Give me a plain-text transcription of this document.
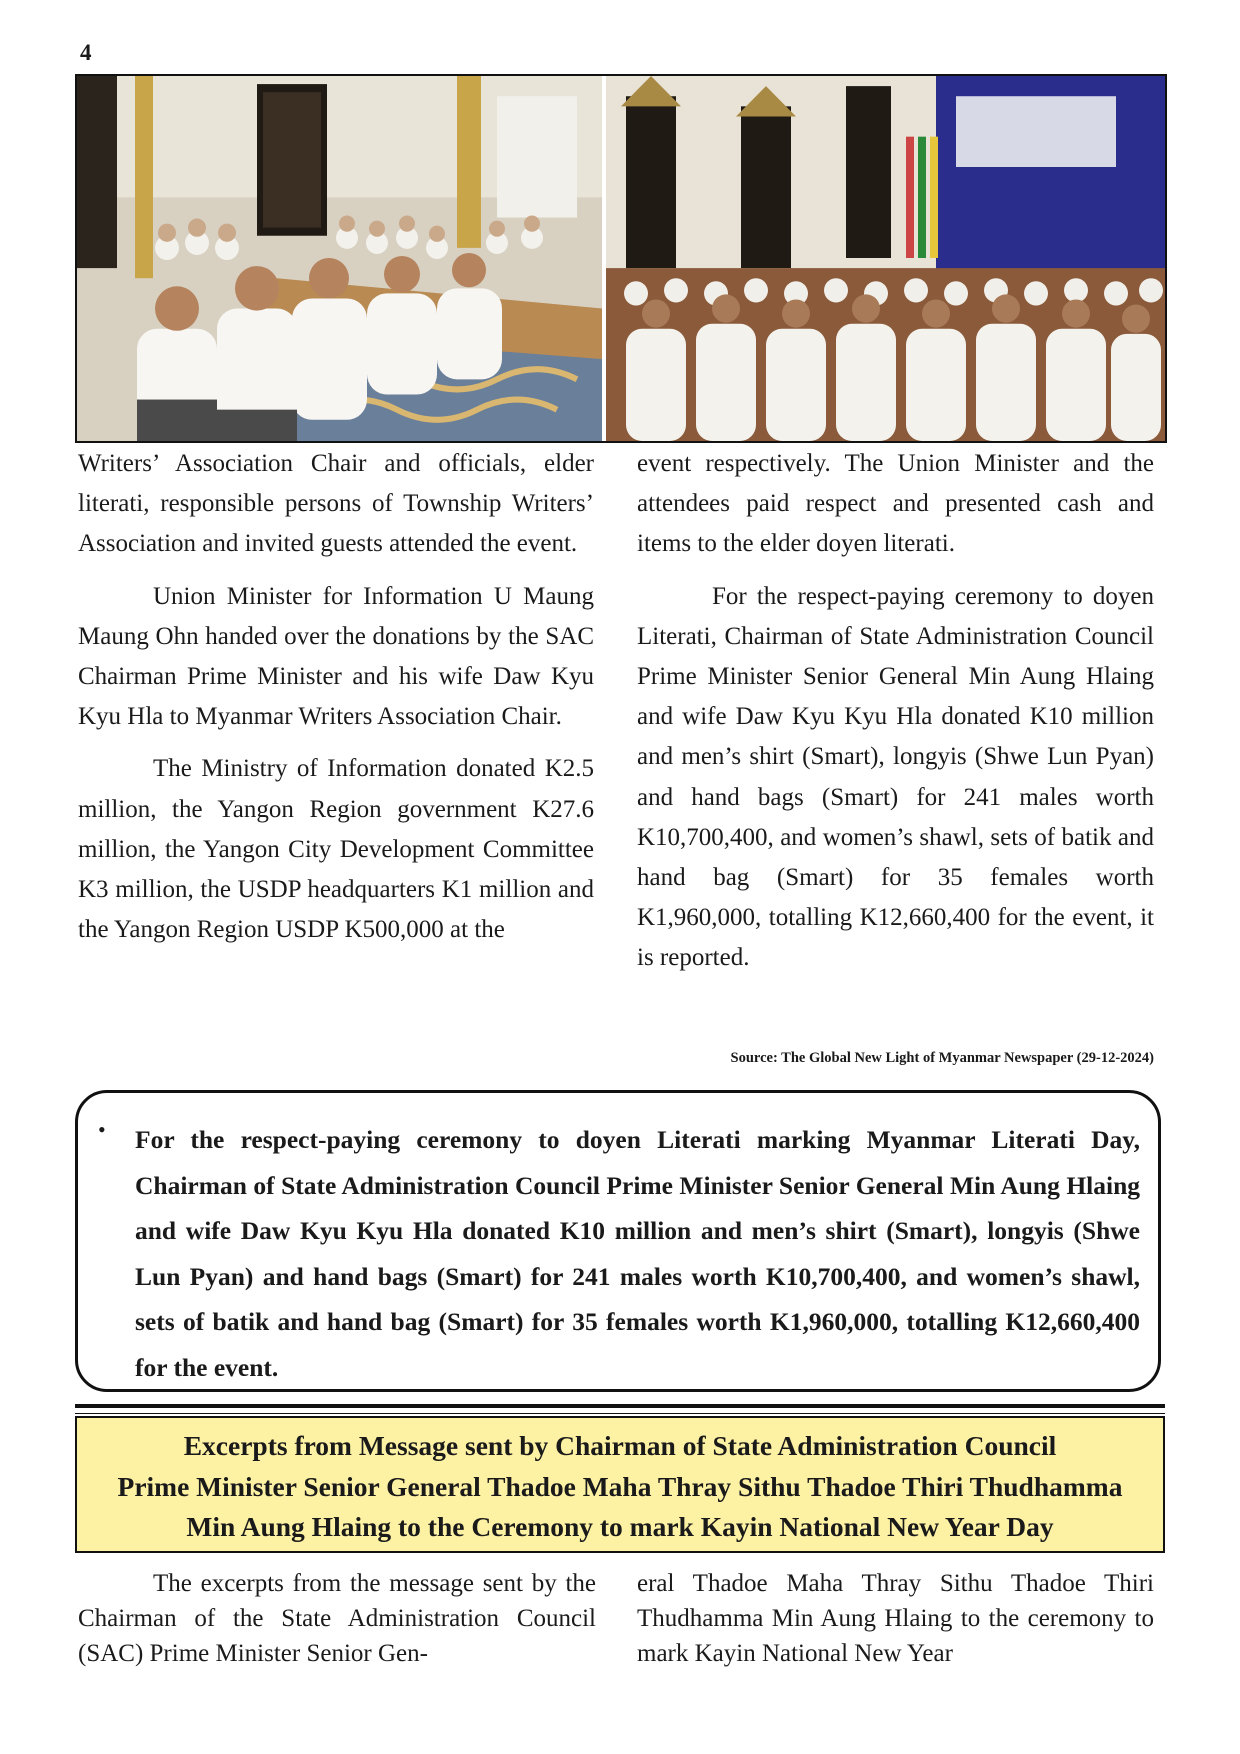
4

Writers’ Association Chair and officials, elder literati, responsible persons of Township Writers’ Association and invited guests attended the event.

Union Minister for Information U Maung Maung Ohn handed over the donations by the SAC Chairman Prime Minister and his wife Daw Kyu Kyu Hla to Myanmar Writers Association Chair.

The Ministry of Information donated K2.5 million, the Yangon Region government K27.6 million, the Yangon City Development Committee K3 million, the USDP headquarters K1 million and the Yangon Region USDP K500,000 at the

event respectively. The Union Minister and the attendees paid respect and presented cash and items to the elder doyen literati.

For the respect-paying ceremony to doyen Literati, Chairman of State Administration Council Prime Minister Senior General Min Aung Hlaing and wife Daw Kyu Kyu Hla donated K10 million and men’s shirt (Smart), longyis (Shwe Lun Pyan) and hand bags (Smart) for 241 males worth K10,700,400, and women’s shawl, sets of batik and hand bag (Smart) for 35 females worth K1,960,000, totalling K12,660,400 for the event, it is reported.

Source: The Global New Light of Myanmar Newspaper (29-12-2024)
• For the respect-paying ceremony to doyen Literati marking Myanmar Literati Day, Chairman of State Administration Council Prime Minister Senior General Min Aung Hlaing and wife Daw Kyu Kyu Hla donated K10 million and men’s shirt (Smart), longyis (Shwe Lun Pyan) and hand bags (Smart) for 241 males worth K10,700,400, and women’s shawl, sets of batik and hand bag (Smart) for 35 females worth K1,960,000, totalling K12,660,400 for the event.
Excerpts from Message sent by Chairman of State Administration Council
Prime Minister Senior General Thadoe Maha Thray Sithu Thadoe Thiri Thudhamma
Min Aung Hlaing to the Ceremony to mark Kayin National New Year Day

The excerpts from the message sent by the Chairman of the State Administration Council (SAC) Prime Minister Senior Gen-

eral Thadoe Maha Thray Sithu Thadoe Thiri Thudhamma Min Aung Hlaing to the ceremony to mark Kayin National New Year
